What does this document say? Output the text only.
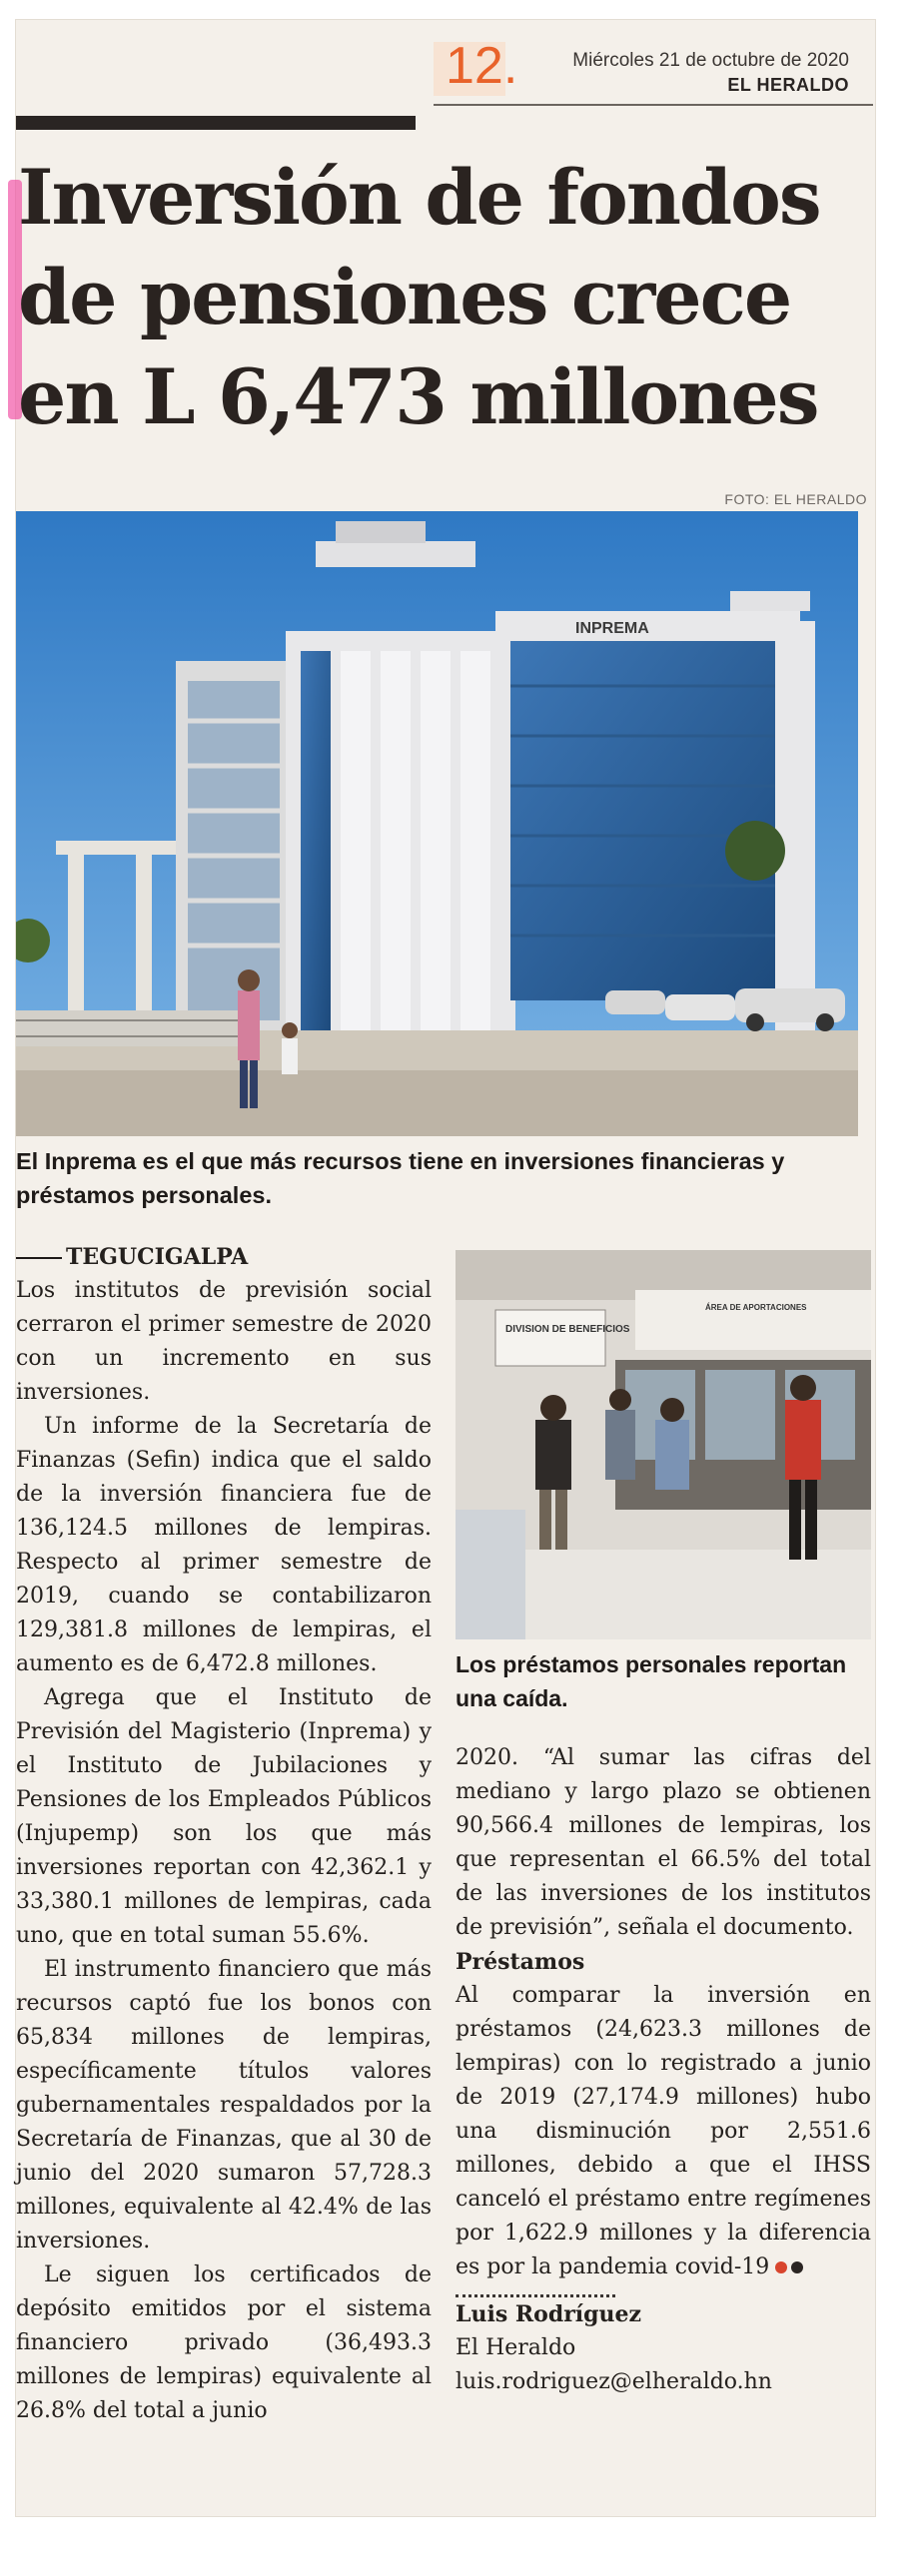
12.	Miércoles 21 de octubre de 2020
EL HERALDO
Inversión de fondos de pensiones crece en L 6,473 millones
FOTO: EL HERALDO
INPREMA

El Inprema es el que más recursos tiene en inversiones financieras y préstamos personales.

TEGUCIGALPA

Los institutos de previsión social cerraron el primer semestre de 2020 con un incremento en sus inversiones.

Un informe de la Secretaría de Finanzas (Sefin) indica que el saldo de la inversión financiera fue de 136,124.5 millones de lempiras. Respecto al primer semestre de 2019, cuando se contabilizaron 129,381.8 millones de lempiras, el aumento es de 6,472.8 millones.

Agrega que el Instituto de Previsión del Magisterio (Inprema) y el Instituto de Jubilaciones y Pensiones de los Empleados Públicos (Injupemp) son los que más inversiones reportan con 42,362.1 y 33,380.1 millones de lempiras, cada uno, que en total suman 55.6%.

El instrumento financiero que más recursos captó fue los bonos con 65,834 millones de lempiras, específicamente títulos valores gubernamentales respaldados por la Secretaría de Finanzas, que al 30 de junio del 2020 sumaron 57,728.3 millones, equivalente al 42.4% de las inversiones.

Le siguen los certificados de depósito emitidos por el sistema financiero privado (36,493.3 millones de lempiras) equivalente al 26.8% del total a junio

DIVISION DE BENEFICIOS
ÁREA DE APORTACIONES

Los préstamos personales reportan una caída.

2020. “Al sumar las cifras del mediano y largo plazo se obtienen 90,566.4 millones de lempiras, los que representan el 66.5% del total de las inversiones de los institutos de previsión”, señala el documento.

Préstamos

Al comparar la inversión en préstamos (24,623.3 millones de lempiras) con lo registrado a junio de 2019 (27,174.9 millones) hubo una disminución por 2,551.6 millones, debido a que el IHSS canceló el préstamo entre regímenes por 1,622.9 millones y la diferencia es por la pandemia covid-19

Luis Rodríguez

El Heraldo

luis.rodriguez@elheraldo.hn
